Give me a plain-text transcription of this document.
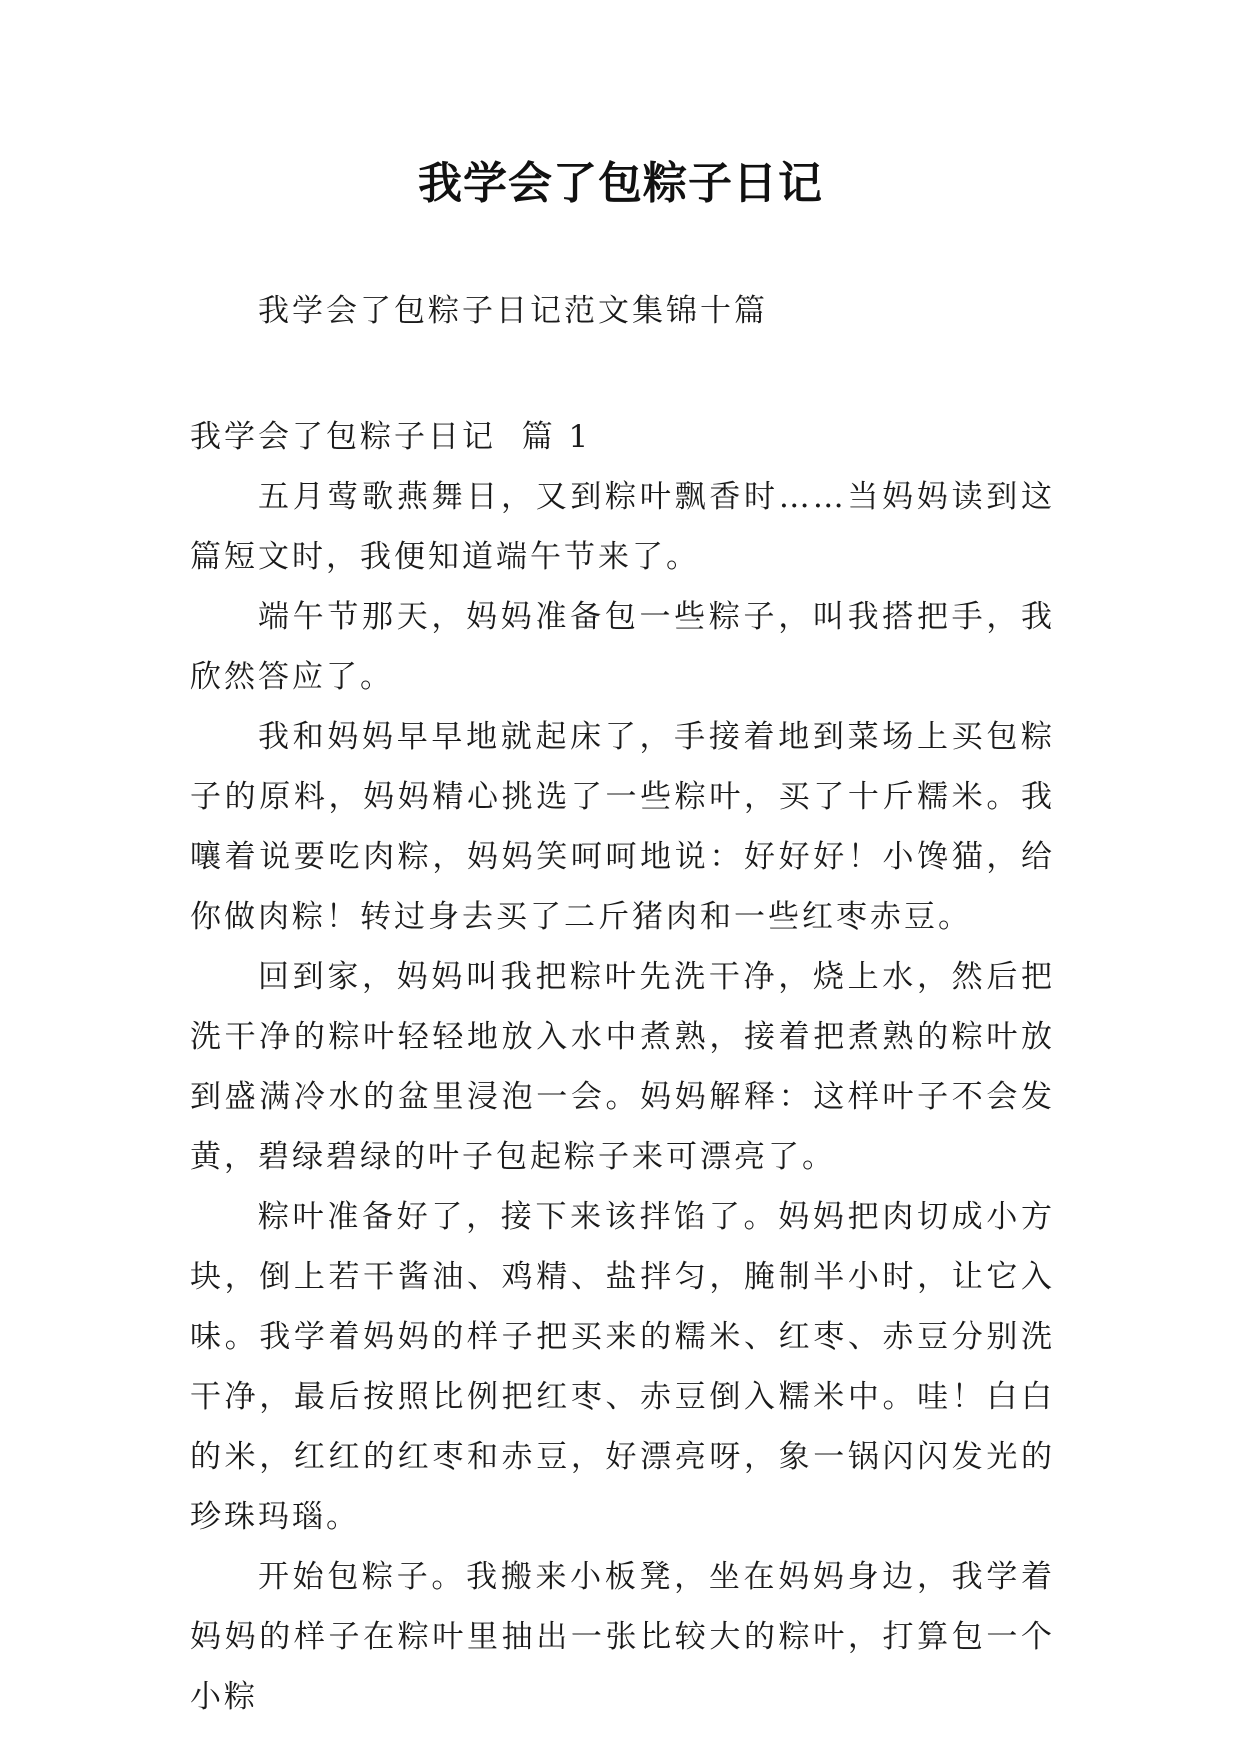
我学会了包粽子日记

我学会了包粽子日记范文集锦十篇

我学会了包粽子日记  篇 1

五月莺歌燕舞日，又到粽叶飘香时……当妈妈读到这篇短文时，我便知道端午节来了。

端午节那天，妈妈准备包一些粽子，叫我搭把手，我欣然答应了。

我和妈妈早早地就起床了，手接着地到菜场上买包粽子的原料，妈妈精心挑选了一些粽叶，买了十斤糯米。我嚷着说要吃肉粽，妈妈笑呵呵地说：好好好！小馋猫，给你做肉粽！转过身去买了二斤猪肉和一些红枣赤豆。

回到家，妈妈叫我把粽叶先洗干净，烧上水，然后把洗干净的粽叶轻轻地放入水中煮熟，接着把煮熟的粽叶放到盛满冷水的盆里浸泡一会。妈妈解释：这样叶子不会发黄，碧绿碧绿的叶子包起粽子来可漂亮了。

粽叶准备好了，接下来该拌馅了。妈妈把肉切成小方块，倒上若干酱油、鸡精、盐拌匀，腌制半小时，让它入味。我学着妈妈的样子把买来的糯米、红枣、赤豆分别洗干净，最后按照比例把红枣、赤豆倒入糯米中。哇！白白的米，红红的红枣和赤豆，好漂亮呀，象一锅闪闪发光的珍珠玛瑙。

开始包粽子。我搬来小板凳，坐在妈妈身边，我学着妈妈的样子在粽叶里抽出一张比较大的粽叶，打算包一个小粽
